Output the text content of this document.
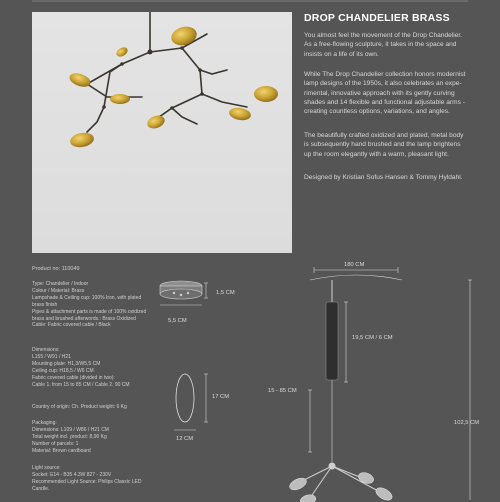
DROP CHANDELIER BRASS

You almost feel the movement of the Drop Chandelier. As a free-flowing sculpture, it takes in the space and insists on a life of its own.

While The Drop Chandelier collection honors modernist lamp designs of the 1950s, it also celebrates an expe-rimental, innovative approach with its gently curving shades and 14 flexible and functional adjustable arms - creating countless options, variations, and angles.

The beautifully crafted oxidized and plated, metal body is subsequently hand brushed and the lamp brightens up the room elegantly with a warm, pleasant light.

Designed by Kristian Sofus Hansen & Tommy Hyldahl.

Product no: 110049

Type: Chandelier / Indoor
Colour / Material: Brass
Lampshade & Ceiling cup: 100% Iron, with plated
brass finish
Pipes & attachment parts is made of 100% oxidized
brass and brushed afterwords.: Brass Oxidized
Cable: Fabric covered cable / Black

Dimensions:
L155 / W91 / H21
Mounting plate: H1,3/W5,5 CM
Ceiling cup: H18,5 / W6 CM
Fabric covered cable (divided in two):
Cable 1. from 15 to 85 CM / Cable 2. 90 CM

Country of origin: Ch. Product weight: 6 Kg

Packaging:
Dimensions: L109 / W86 / H21 CM
Total weight incl. product: 8,90 Kg
Number of parcels: 1
Material: Brown cardboard

Light source:
Socket: E14 - B35 4.3W 827 - 230V
Recommended Light Source: Philips Classic LED
Candle.

1,5 CM
5,5 CM
17 CM
12 CM
180 CM
19,5 CM / 6 CM
15 - 85 CM
102,5 CM
